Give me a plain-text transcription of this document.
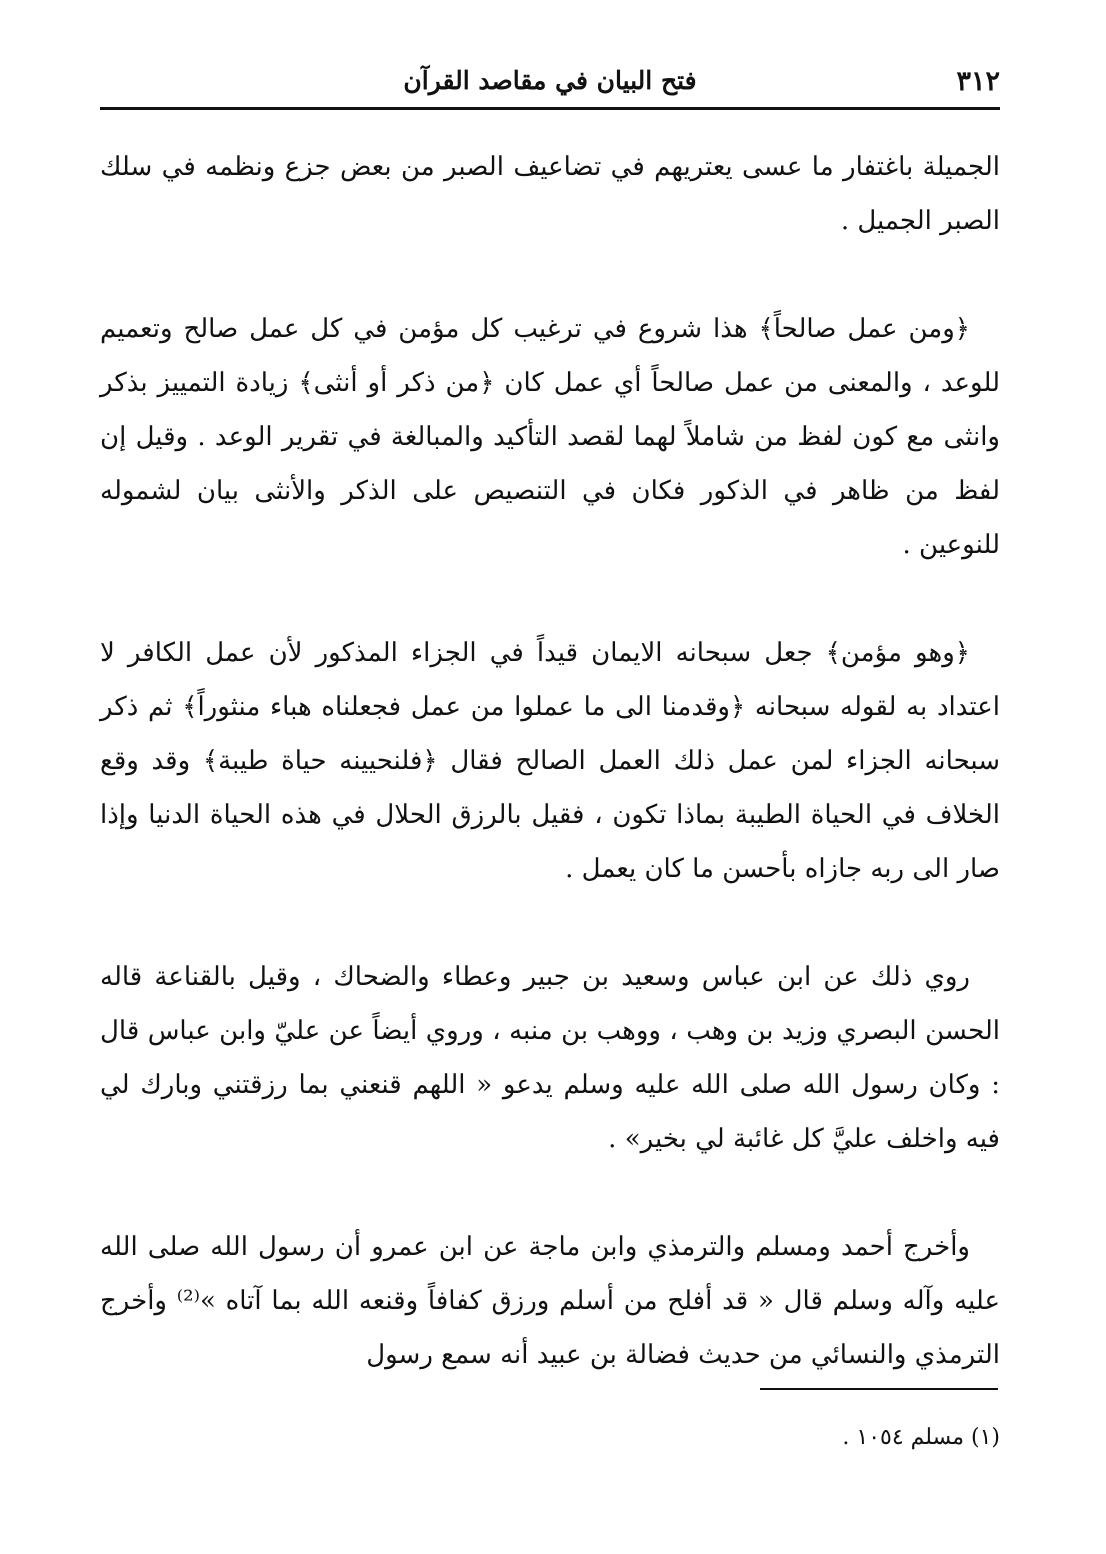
٣١٢
فتح البيان في مقاصد القرآن

الجميلة باغتفار ما عسى يعتريهم في تضاعيف الصبر من بعض جزع ونظمه في سلك الصبر الجميل .

﴿ومن عمل صالحاً﴾ هذا شروع في ترغيب كل مؤمن في كل عمل صالح وتعميم للوعد ، والمعنى من عمل صالحاً أي عمل كان ﴿من ذكر أو أنثى﴾ زيادة التمييز بذكر وانثى مع كون لفظ من شاملاً لهما لقصد التأكيد والمبالغة في تقرير الوعد . وقيل إن لفظ من ظاهر في الذكور فكان في التنصيص على الذكر والأنثى بيان لشموله للنوعين .

﴿وهو مؤمن﴾ جعل سبحانه الايمان قيداً في الجزاء المذكور لأن عمل الكافر لا اعتداد به لقوله سبحانه ﴿وقدمنا الى ما عملوا من عمل فجعلناه هباء منثوراً﴾ ثم ذكر سبحانه الجزاء لمن عمل ذلك العمل الصالح فقال ﴿فلنحيينه حياة طيبة﴾ وقد وقع الخلاف في الحياة الطيبة بماذا تكون ، فقيل بالرزق الحلال في هذه الحياة الدنيا وإذا صار الى ربه جازاه بأحسن ما كان يعمل .

روي ذلك عن ابن عباس وسعيد بن جبير وعطاء والضحاك ، وقيل بالقناعة قاله الحسن البصري وزيد بن وهب ، ووهب بن منبه ، وروي أيضاً عن عليّ وابن عباس قال : وكان رسول الله صلى الله عليه وسلم يدعو « اللهم قنعني بما رزقتني وبارك لي فيه واخلف عليَّ كل غائبة لي بخير» .

وأخرج أحمد ومسلم والترمذي وابن ماجة عن ابن عمرو أن رسول الله صلى الله عليه وآله وسلم قال « قد أفلح من أسلم ورزق كفافاً وقنعه الله بما آتاه »⁽²⁾ وأخرج الترمذي والنسائي من حديث فضالة بن عبيد أنه سمع رسول

(١) مسلم ١٠٥٤ .
